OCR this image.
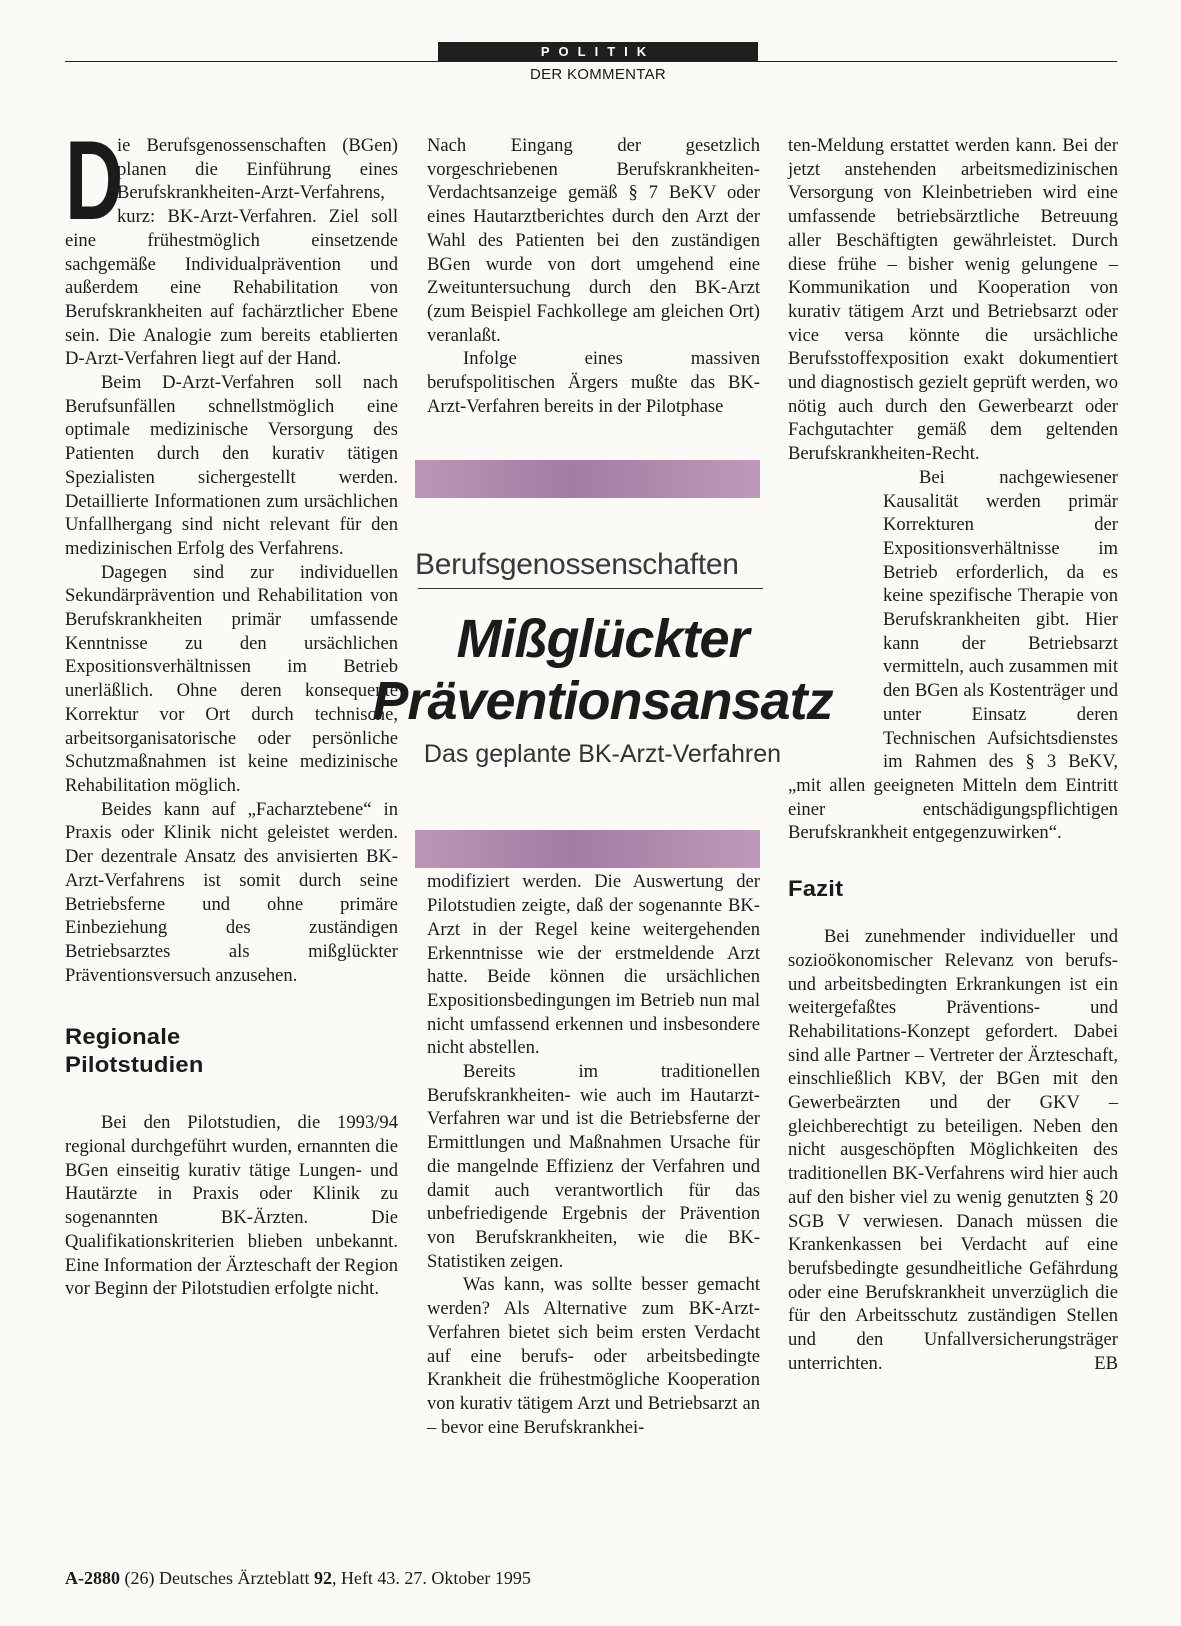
POLITIK
DER KOMMENTAR

D
ie Berufsgenossenschaften (BGen) planen die Einführung eines Berufskrankheiten-Arzt-Verfahrens, kurz: BK-Arzt-Verfahren. Ziel soll eine frühestmöglich einsetzende sachgemäße Individualprävention und außerdem eine Rehabilitation von Berufskrankheiten auf fachärztlicher Ebene sein. Die Analogie zum bereits etablierten D-Arzt-Verfahren liegt auf der Hand.

Beim D-Arzt-Verfahren soll nach Berufsunfällen schnellstmöglich eine optimale medizinische Versorgung des Patienten durch den kurativ tätigen Spezialisten sichergestellt werden. Detaillierte Informationen zum ursächlichen Unfallhergang sind nicht relevant für den medizinischen Erfolg des Verfahrens.

Dagegen sind zur individuellen Sekundärprävention und Rehabilitation von Berufskrankheiten primär umfassende Kenntnisse zu den ursächlichen Expositionsverhältnissen im Betrieb unerläßlich. Ohne deren konsequente Korrektur vor Ort durch technische, arbeitsorganisatorische oder persönliche Schutzmaßnahmen ist keine medizinische Rehabilitation möglich.

Beides kann auf „Facharztebene“ in Praxis oder Klinik nicht geleistet werden. Der dezentrale Ansatz des anvisierten BK-Arzt-Verfahrens ist somit durch seine Betriebsferne und ohne primäre Einbeziehung des zuständigen Betriebsarztes als mißglückter Präventionsversuch anzusehen.

Regionale
Pilotstudien

Bei den Pilotstudien, die 1993/94 regional durchgeführt wurden, ernannten die BGen einseitig kurativ tätige Lungen- und Hautärzte in Praxis oder Klinik zu sogenannten BK-Ärzten. Die Qualifikationskriterien blieben unbekannt. Eine Information der Ärzteschaft der Region vor Beginn der Pilotstudien erfolgte nicht.

Nach Eingang der gesetzlich vorgeschriebenen Berufskrankheiten-Verdachtsanzeige gemäß § 7 BeKV oder eines Hautarztberichtes durch den Arzt der Wahl des Patienten bei den zuständigen BGen wurde von dort umgehend eine Zweituntersuchung durch den BK-Arzt (zum Beispiel Fachkollege am gleichen Ort) veranlaßt.

Infolge eines massiven berufspolitischen Ärgers mußte das BK-Arzt-Verfahren bereits in der Pilotphase

modifiziert werden. Die Auswertung der Pilotstudien zeigte, daß der sogenannte BK-Arzt in der Regel keine weitergehenden Erkenntnisse wie der erstmeldende Arzt hatte. Beide können die ursächlichen Expositionsbedingungen im Betrieb nun mal nicht umfassend erkennen und insbesondere nicht abstellen.

Bereits im traditionellen Berufskrankheiten- wie auch im Hautarzt-Verfahren war und ist die Betriebsferne der Ermittlungen und Maßnahmen Ursache für die mangelnde Effizienz der Verfahren und damit auch verantwortlich für das unbefriedigende Ergebnis der Prävention von Berufskrankheiten, wie die BK-Statistiken zeigen.

Was kann, was sollte besser gemacht werden? Als Alternative zum BK-Arzt-Verfahren bietet sich beim ersten Verdacht auf eine berufs- oder arbeitsbedingte Krankheit die frühestmögliche Kooperation von kurativ tätigem Arzt und Betriebsarzt an – bevor eine Berufskrankhei-

ten-Meldung erstattet werden kann. Bei der jetzt anstehenden arbeitsmedizinischen Versorgung von Kleinbetrieben wird eine umfassende betriebsärztliche Betreuung aller Beschäftigten gewährleistet. Durch diese frühe – bisher wenig gelungene – Kommunikation und Kooperation von kurativ tätigem Arzt und Betriebsarzt oder vice versa könnte die ursächliche Berufsstoffexposition exakt dokumentiert und diagnostisch gezielt geprüft werden, wo nötig auch durch den Gewerbearzt oder Fachgutachter gemäß dem geltenden Berufskrankheiten-Recht.

Bei nachgewiesener Kausalität werden primär Korrekturen der Expositionsverhältnisse im Betrieb erforderlich, da es keine spezifische Therapie von Berufskrankheiten gibt. Hier kann der Betriebsarzt vermitteln, auch zusammen mit den BGen als Kostenträger und unter Einsatz deren Technischen Aufsichtsdienstes im Rahmen des § 3 BeKV, „mit allen geeigneten Mitteln dem Eintritt einer entschädigungspflichtigen Berufskrankheit entgegenzuwirken“.

Fazit

Bei zunehmender individueller und sozioökonomischer Relevanz von berufs- und arbeitsbedingten Erkrankungen ist ein weitergefaßtes Präventions- und Rehabilitations-Konzept gefordert. Dabei sind alle Partner – Vertreter der Ärzteschaft, einschließlich KBV, der BGen mit den Gewerbeärzten und der GKV – gleichberechtigt zu beteiligen. Neben den nicht ausgeschöpften Möglichkeiten des traditionellen BK-Verfahrens wird hier auch auf den bisher viel zu wenig genutzten § 20 SGB V verwiesen. Danach müssen die Krankenkassen bei Verdacht auf eine berufsbedingte gesundheitliche Gefährdung oder eine Berufskrankheit unverzüglich die für den Arbeitsschutz zuständigen Stellen und den Unfallversicherungsträger unterrichten.	EB

Berufsgenossenschaften
Mißglückter
Präventionsansatz
Das geplante BK-Arzt-Verfahren
A-2880 (26) Deutsches Ärzteblatt 92, Heft 43. 27. Oktober 1995
